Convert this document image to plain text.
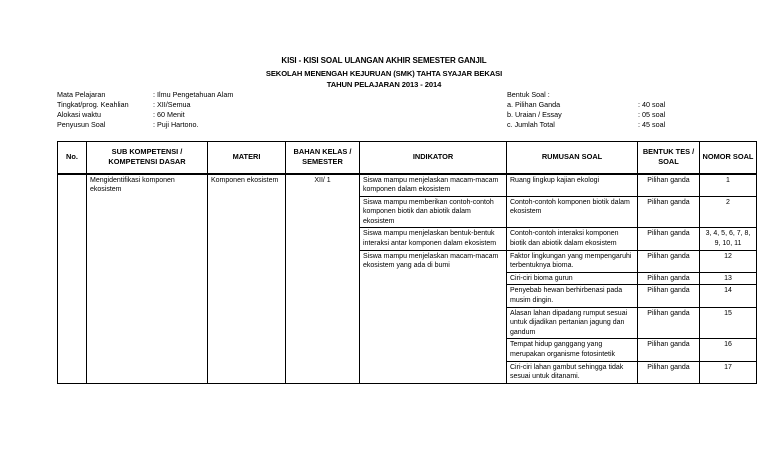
KISI - KISI SOAL ULANGAN AKHIR SEMESTER GANJIL
SEKOLAH MENENGAH KEJURUAN (SMK) TAHTA SYAJAR BEKASI
TAHUN PELAJARAN 2013 - 2014
Mata Pelajaran	: Ilmu Pengetahuan Alam
Tingkat/prog. Keahlian	: XII/Semua
Alokasi waktu	: 60 Menit
Penyusun Soal	: Puji Hartono.
Bentuk Soal :
a. Pilihan Ganda	: 40 soal
b. Uraian / Essay	: 05 soal
c. Jumlah Total	: 45 soal
No.	SUB KOMPETENSI / KOMPETENSI DASAR	MATERI	BAHAN KELAS / SEMESTER	INDIKATOR	RUMUSAN SOAL	BENTUK TES / SOAL	NOMOR SOAL
	Mengidentifikasi komponen ekosistem	Komponen ekosistem	XII/ 1	Siswa mampu menjelaskan macam-macam komponen dalam ekosistem	Ruang lingkup kajian ekologi	Pilihan ganda	1
				Siswa mampu memberikan contoh-contoh komponen biotik dan abiotik dalam ekosistem	Contoh-contoh komponen biotik dalam ekosistem	Pilihan ganda	2
				Siswa mampu menjelaskan bentuk-bentuk interaksi antar komponen dalam ekosistem	Contoh-contoh interaksi komponen biotik dan abiotik dalam ekosistem	Pilihan ganda	3, 4, 5, 6, 7, 8, 9, 10, 11
				Siswa mampu menjelaskan macam-macam ekosistem yang ada di bumi	Faktor lingkungan yang mempengaruhi terbentuknya bioma.	Pilihan ganda	12
					Ciri-ciri bioma gurun	Pilihan ganda	13
					Penyebab hewan berhirbenasi pada musim dingin.	Pilihan ganda	14
					Alasan lahan dipadang rumput sesuai untuk dijadikan pertanian jagung dan gandum	Pilihan ganda	15
					Tempat hidup ganggang yang merupakan organisme fotosintetik	Pilihan ganda	16
					Ciri-ciri lahan gambut sehingga tidak sesuai untuk ditanami.	Pilihan ganda	17
